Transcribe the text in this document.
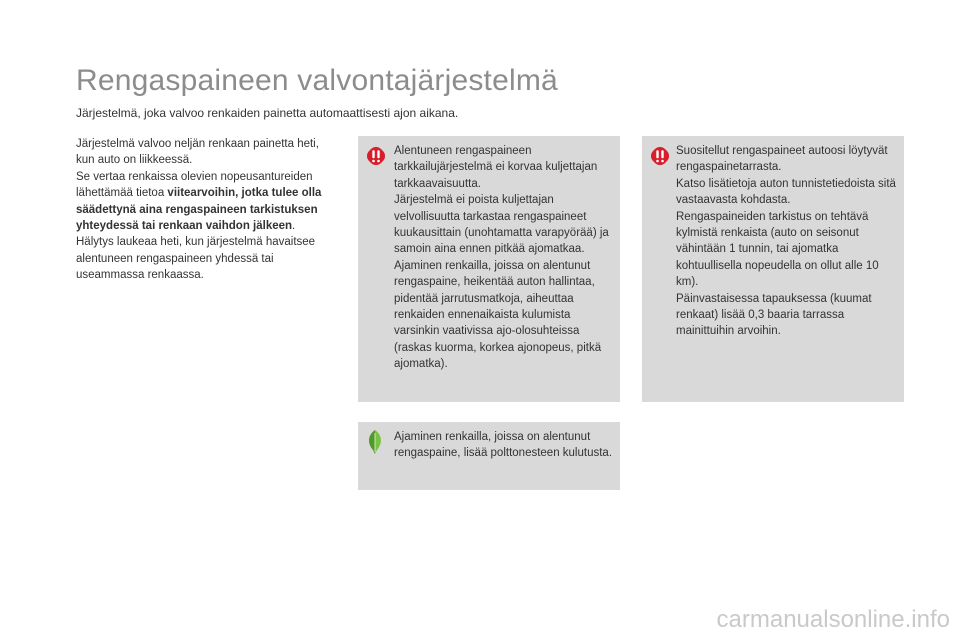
Rengaspaineen valvontajärjestelmä
Järjestelmä, joka valvoo renkaiden painetta automaattisesti ajon aikana.

Järjestelmä valvoo neljän renkaan painetta heti, kun auto on liikkeessä.

Se vertaa renkaissa olevien nopeusantureiden lähettämää tietoa viitearvoihin, jotka tulee olla säädettynä aina rengaspaineen tarkistuksen yhteydessä tai renkaan vaihdon jälkeen.

Hälytys laukeaa heti, kun järjestelmä havaitsee alentuneen rengaspaineen yhdessä tai useammassa renkaassa.

Alentuneen rengaspaineen tarkkailujärjestelmä ei korvaa kuljettajan tarkkaavaisuutta.

Järjestelmä ei poista kuljettajan velvollisuutta tarkastaa rengaspaineet kuukausittain (unohtamatta varapyörää) ja samoin aina ennen pitkää ajomatkaa.

Ajaminen renkailla, joissa on alentunut rengaspaine, heikentää auton hallintaa, pidentää jarrutusmatkoja, aiheuttaa renkaiden ennenaikaista kulumista varsinkin vaativissa ajo-olosuhteissa (raskas kuorma, korkea ajonopeus, pitkä ajomatka).

Suositellut rengaspaineet autoosi löytyvät rengaspainetarrasta.

Katso lisätietoja auton tunnistetiedoista sitä vastaavasta kohdasta.

Rengaspaineiden tarkistus on tehtävä kylmistä renkaista (auto on seisonut vähintään 1 tunnin, tai ajomatka kohtuullisella nopeudella on ollut alle 10 km).

Päinvastaisessa tapauksessa (kuumat renkaat) lisää 0,3 baaria tarrassa mainittuihin arvoihin.

Ajaminen renkailla, joissa on alentunut rengaspaine, lisää polttonesteen kulutusta.

carmanualsonline.info
